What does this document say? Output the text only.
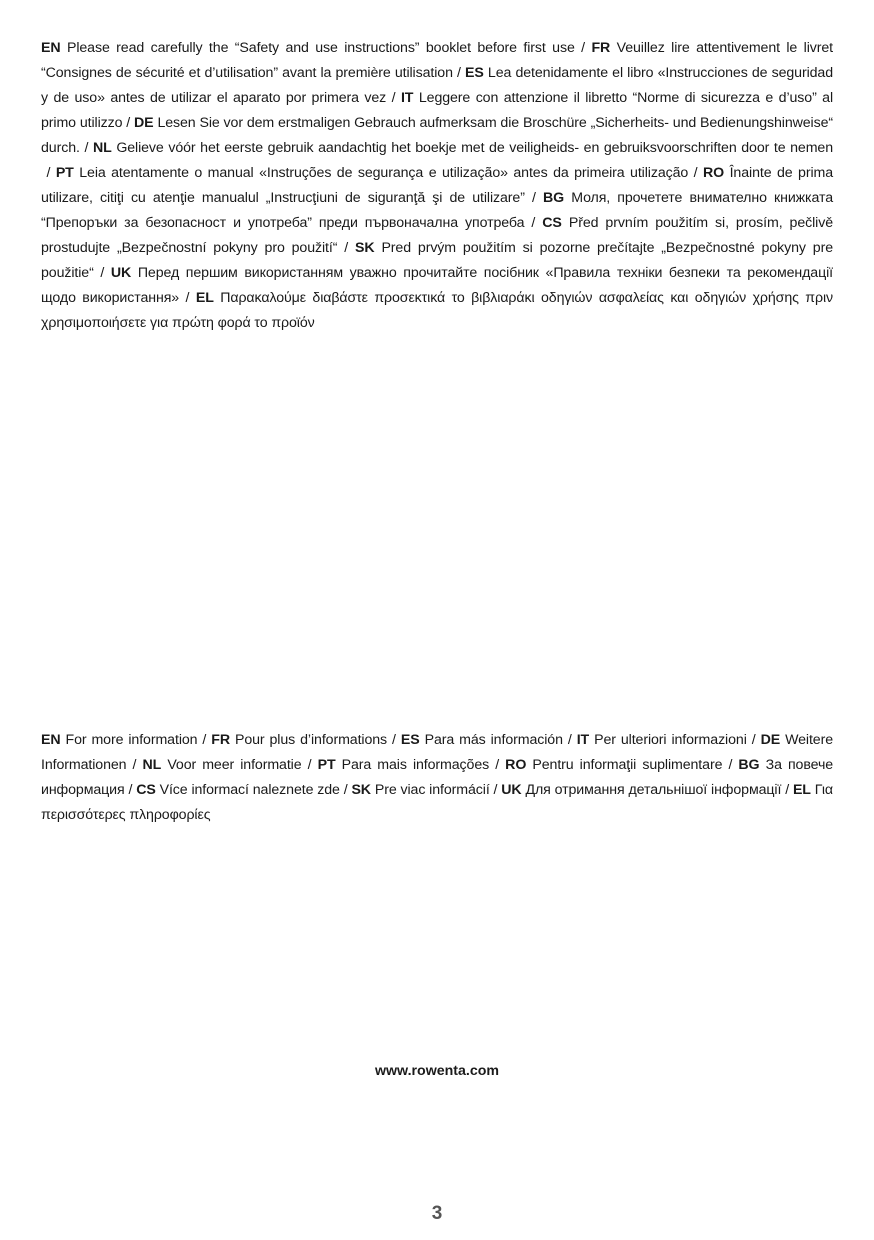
EN Please read carefully the “Safety and use instructions” booklet before first use / FR Veuillez lire attentivement le livret “Consignes de sécurité et d’utilisation” avant la première utilisation / ES Lea detenidamente el libro «Instrucciones de seguridad y de uso» antes de utilizar el aparato por primera vez / IT Leggere con attenzione il libretto “Norme di sicurezza e d’uso” al primo utilizzo / DE Lesen Sie vor dem erstmaligen Gebrauch aufmerksam die Broschüre „Sicherheits- und Bedienungshinweise“ durch. / NL Gelieve vóór het eerste gebruik aandachtig het boekje met de veiligheids- en gebruiksvoorschriften door te nemen / PT Leia atentamente o manual «Instruções de segurança e utilização» antes da primeira utilização / RO Înainte de prima utilizare, citiţi cu atenţie manualul „Instrucţiuni de siguranţă şi de utilizare” / BG Моля, прочетете внимателно книжката “Препоръки за безопасност и употреба” преди първоначална употреба / CS Před prvním použitím si, prosím, pečlivě prostudujte „Bezpečnostní pokyny pro použití“ / SK Pred prvým použitím si pozorne prečítajte „Bezpečnostné pokyny pre použitie“ / UK Перед першим використанням уважно прочитайте посібник «Правила техніки безпеки та рекомендації щодо використання» / EL Παρακαλούμε διαβάστε προσεκτικά το βιβλιαράκι οδηγιών ασφαλείας και οδηγιών χρήσης πριν χρησιμοποιήσετε για πρώτη φορά το προϊόν
EN For more information / FR Pour plus d’informations / ES Para más información / IT Per ulteriori informazioni / DE Weitere Informationen / NL Voor meer informatie / PT Para mais informações / RO Pentru informaţii suplimentare / BG За повече информация / CS Více informací naleznete zde / SK Pre viac informácií / UK Для отримання детальнішої інформації / EL Για περισσότερες πληροφορίες
www.rowenta.com
3
